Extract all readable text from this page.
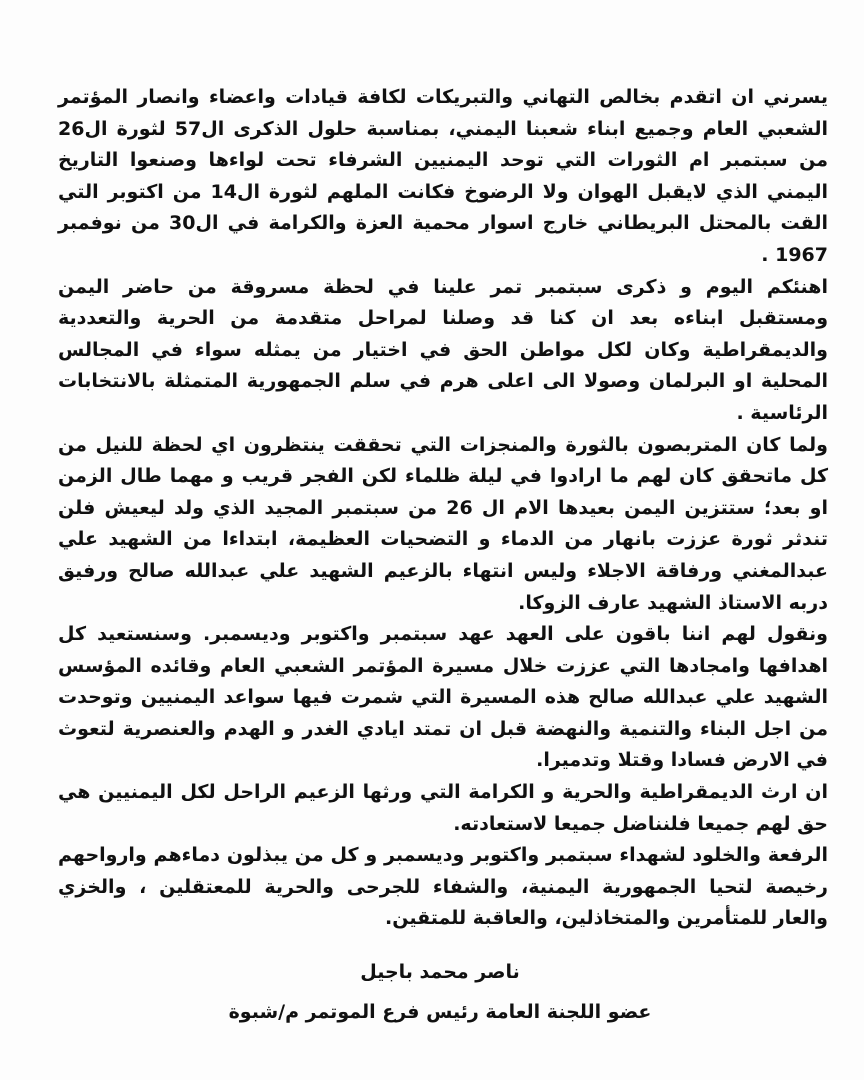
يسرني ان اتقدم بخالص التهاني والتبريكات لكافة قيادات واعضاء وانصار المؤتمر الشعبي العام وجميع ابناء شعبنا اليمني، بمناسبة حلول الذكرى ال57 لثورة ال26 من سبتمبر ام الثورات التي توحد اليمنيين الشرفاء تحت لواءها وصنعوا التاريخ اليمني الذي لايقبل الهوان ولا الرضوخ فكانت الملهم لثورة ال14 من اكتوبر التي القت بالمحتل البريطاني خارج اسوار محمية العزة والكرامة في ال30 من نوفمبر 1967 .

اهنئكم اليوم و ذكرى سبتمبر تمر علينا في لحظة مسروقة من حاضر اليمن ومستقبل ابناءه بعد ان كنا قد وصلنا لمراحل متقدمة من الحرية والتعددية والديمقراطية وكان لكل مواطن الحق في اختيار من يمثله سواء في المجالس المحلية او البرلمان وصولا الى اعلى هرم في سلم الجمهورية المتمثلة بالانتخابات الرئاسية .

ولما كان المتربصون بالثورة والمنجزات التي تحققت ينتظرون اي لحظة للنيل من كل ماتحقق كان لهم ما ارادوا في ليلة ظلماء لكن الفجر قريب و مهما طال الزمن او بعد؛ ستتزين اليمن بعيدها الام ال 26 من سبتمبر المجيد الذي ولد ليعيش فلن تندثر ثورة عززت بانهار من الدماء و التضحيات العظيمة، ابتداءا من الشهيد علي عبدالمغني ورفاقة الاجلاء وليس انتهاء بالزعيم الشهيد علي عبدالله صالح ورفيق دربه الاستاذ الشهيد عارف الزوكا.

ونقول لهم اننا باقون على العهد عهد سبتمبر واكتوبر وديسمبر. وسنستعيد كل اهدافها وامجادها التي عززت خلال مسيرة المؤتمر الشعبي العام وقائده المؤسس الشهيد علي عبدالله صالح هذه المسيرة التي شمرت فيها سواعد اليمنيين وتوحدت من اجل البناء والتنمية والنهضة قبل ان تمتد ايادي الغدر و الهدم والعنصرية لتعوث في الارض فسادا وقتلا وتدميرا.

ان ارث الديمقراطية والحرية و الكرامة التي ورثها الزعيم الراحل لكل اليمنيين هي حق لهم جميعا فلنناضل جميعا لاستعادته.

الرفعة والخلود لشهداء سبتمبر واكتوبر وديسمبر و كل من يبذلون دماءهم وارواحهم رخيصة لتحيا الجمهورية اليمنية، والشفاء للجرحى والحرية للمعتقلين ، والخزي والعار للمتأمرين والمتخاذلين، والعاقبة للمتقين.

ناصر محمد باجيل
عضو اللجنة العامة رئيس فرع الموتمر م/شبوة
